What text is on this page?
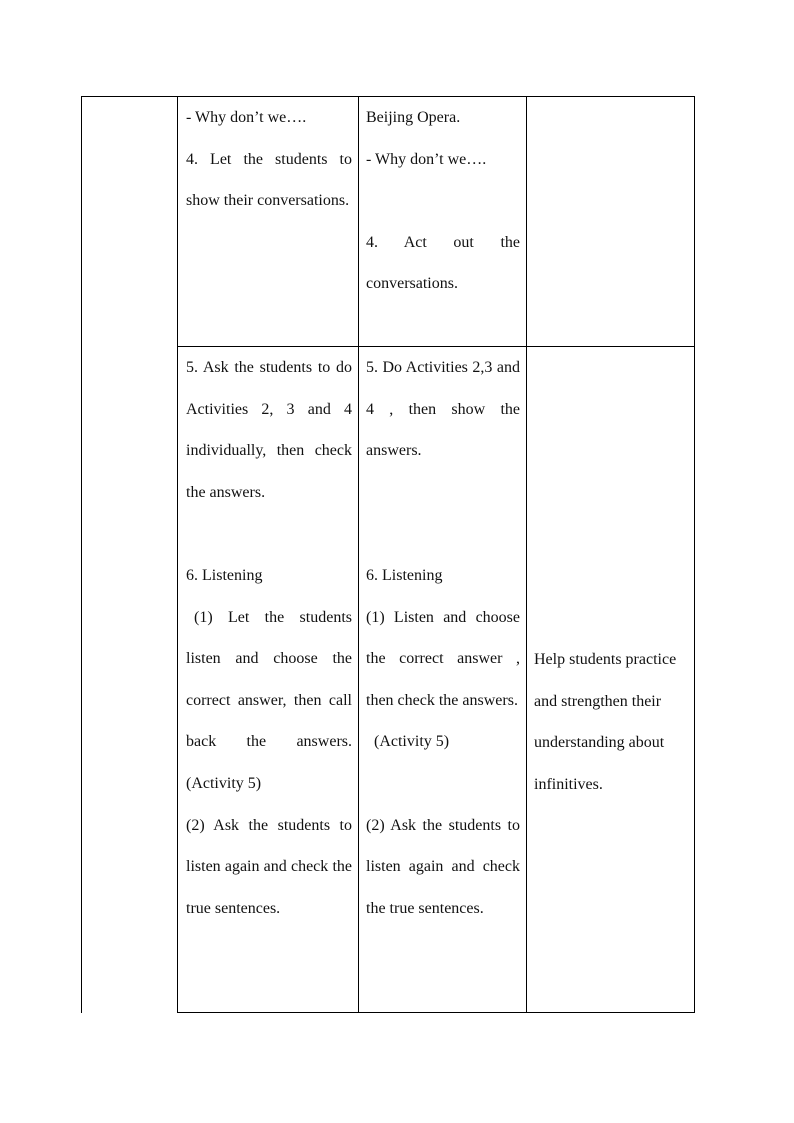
- Why don’t we….

4. Let the students to show their conversations.

Beijing Opera.

- Why don’t we….

4. Act out the conversations.

5. Ask the students to do Activities 2, 3 and 4 individually, then check the answers.

6. Listening

(1) Let the students listen and choose the correct answer, then call back the answers. (Activity 5)

(2) Ask the students to listen again and check the true sentences.

5. Do Activities 2,3 and 4 , then show the answers.

6. Listening

(1) Listen and choose the correct answer , then check the answers.

(Activity 5)

(2) Ask the students to listen again and check the true sentences.

Help students practice and strengthen their understanding about infinitives.
